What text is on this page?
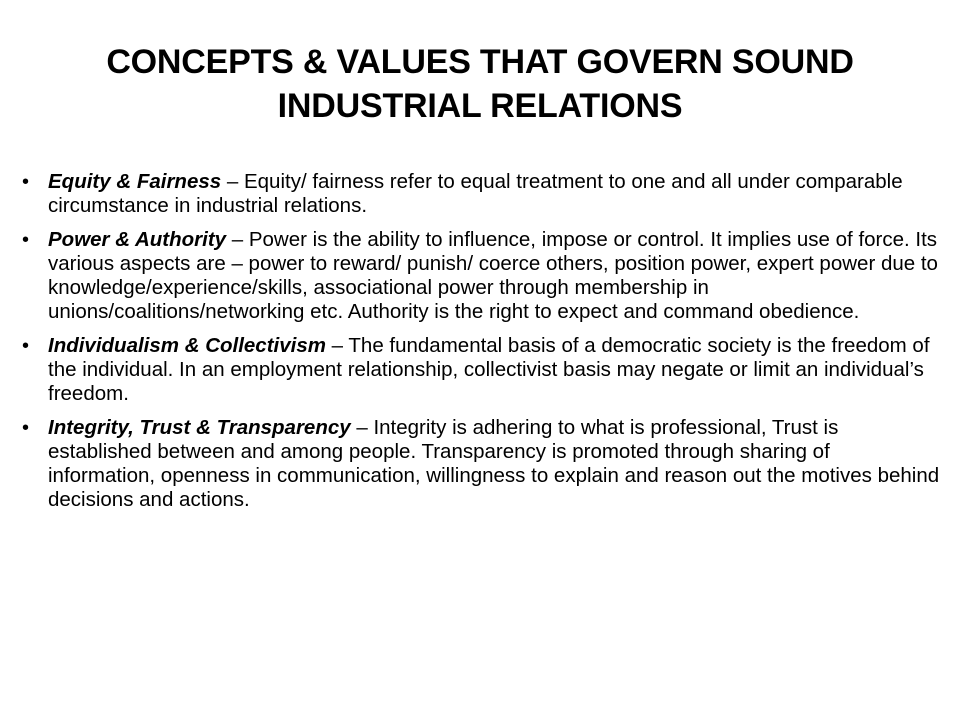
CONCEPTS & VALUES THAT GOVERN SOUND INDUSTRIAL RELATIONS
• Equity & Fairness – Equity/ fairness refer to equal treatment to one and all under comparable circumstance in industrial relations.
• Power & Authority – Power is the ability to influence, impose or control. It implies use of force. Its various aspects are – power to reward/ punish/ coerce others, position power, expert power due to knowledge/experience/skills, associational power through membership in unions/coalitions/networking etc. Authority is the right to expect and command obedience.
• Individualism & Collectivism – The fundamental basis of a democratic society is the freedom of the individual. In an employment relationship, collectivist basis may negate or limit an individual’s freedom.
• Integrity, Trust & Transparency – Integrity is adhering to what is professional, Trust is established between and among people. Transparency is promoted through sharing of information, openness in communication, willingness to explain and reason out the motives behind decisions and actions.
